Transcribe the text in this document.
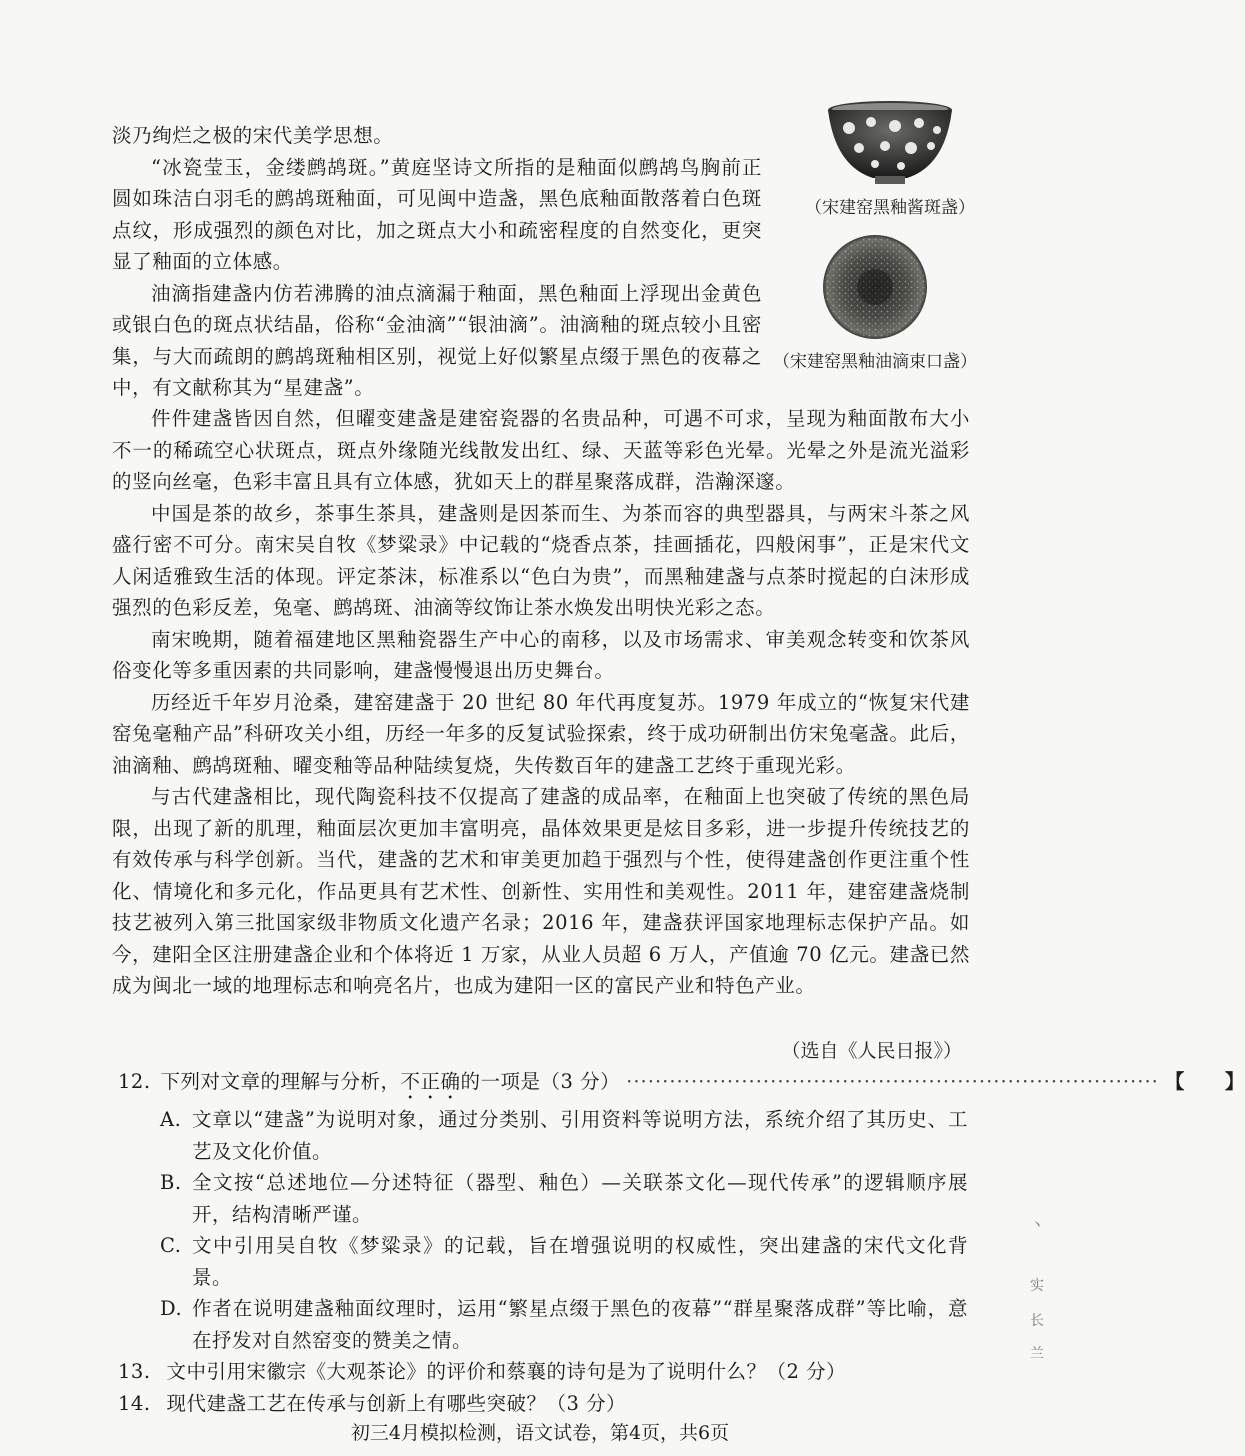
（宋建窑黑釉酱斑盏）
（宋建窑黑釉油滴束口盏）

淡乃绚烂之极的宋代美学思想。

“冰瓷莹玉，金缕鹧鸪斑。”黄庭坚诗文所指的是釉面似鹧鸪鸟胸前正圆如珠洁白羽毛的鹧鸪斑釉面，可见闽中造盏，黑色底釉面散落着白色斑点纹，形成强烈的颜色对比，加之斑点大小和疏密程度的自然变化，更突显了釉面的立体感。

油滴指建盏内仿若沸腾的油点滴漏于釉面，黑色釉面上浮现出金黄色或银白色的斑点状结晶，俗称“金油滴”“银油滴”。油滴釉的斑点较小且密集，与大而疏朗的鹧鸪斑釉相区别，视觉上好似繁星点缀于黑色的夜幕之中，有文献称其为“星建盏”。

件件建盏皆因自然，但曜变建盏是建窑瓷器的名贵品种，可遇不可求，呈现为釉面散布大小不一的稀疏空心状斑点，斑点外缘随光线散发出红、绿、天蓝等彩色光晕。光晕之外是流光溢彩的竖向丝毫，色彩丰富且具有立体感，犹如天上的群星聚落成群，浩瀚深邃。

中国是茶的故乡，茶事生茶具，建盏则是因茶而生、为茶而容的典型器具，与两宋斗茶之风盛行密不可分。南宋吴自牧《梦粱录》中记载的“烧香点茶，挂画插花，四般闲事”，正是宋代文人闲适雅致生活的体现。评定茶沫，标准系以“色白为贵”，而黑釉建盏与点茶时搅起的白沫形成强烈的色彩反差，兔毫、鹧鸪斑、油滴等纹饰让茶水焕发出明快光彩之态。

南宋晚期，随着福建地区黑釉瓷器生产中心的南移，以及市场需求、审美观念转变和饮茶风俗变化等多重因素的共同影响，建盏慢慢退出历史舞台。

历经近千年岁月沧桑，建窑建盏于 20 世纪 80 年代再度复苏。1979 年成立的“恢复宋代建窑兔毫釉产品”科研攻关小组，历经一年多的反复试验探索，终于成功研制出仿宋兔毫盏。此后，油滴釉、鹧鸪斑釉、曜变釉等品种陆续复烧，失传数百年的建盏工艺终于重现光彩。

与古代建盏相比，现代陶瓷科技不仅提高了建盏的成品率，在釉面上也突破了传统的黑色局限，出现了新的肌理，釉面层次更加丰富明亮，晶体效果更是炫目多彩，进一步提升传统技艺的有效传承与科学创新。当代，建盏的艺术和审美更加趋于强烈与个性，使得建盏创作更注重个性化、情境化和多元化，作品更具有艺术性、创新性、实用性和美观性。2011 年，建窑建盏烧制技艺被列入第三批国家级非物质文化遗产名录；2016 年，建盏获评国家地理标志保护产品。如今，建阳全区注册建盏企业和个体将近 1 万家，从业人员超 6 万人，产值逾 70 亿元。建盏已然成为闽北一域的地理标志和响亮名片，也成为建阳一区的富民产业和特色产业。

（选自《人民日报》）
12. 下列对文章的理解与分析， 不正确 的一项是（3 分） ·········································································· 【　　】
A. 文章以“建盏”为说明对象，通过分类别、引用资料等说明方法，系统介绍了其历史、工艺及文化价值。
B. 全文按“总述地位—分述特征（器型、釉色）—关联茶文化—现代传承”的逻辑顺序展开，结构清晰严谨。
C. 文中引用吴自牧《梦粱录》的记载，旨在增强说明的权威性，突出建盏的宋代文化背景。
D. 作者在说明建盏釉面纹理时，运用“繁星点缀于黑色的夜幕”“群星聚落成群”等比喻，意在抒发对自然窑变的赞美之情。
13. 文中引用宋徽宗《大观茶论》的评价和蔡襄的诗句是为了说明什么？（2 分）
14. 现代建盏工艺在传承与创新上有哪些突破？（3 分）
丶
实
长
兰
初三4月模拟检测，语文试卷，第4页，共6页
